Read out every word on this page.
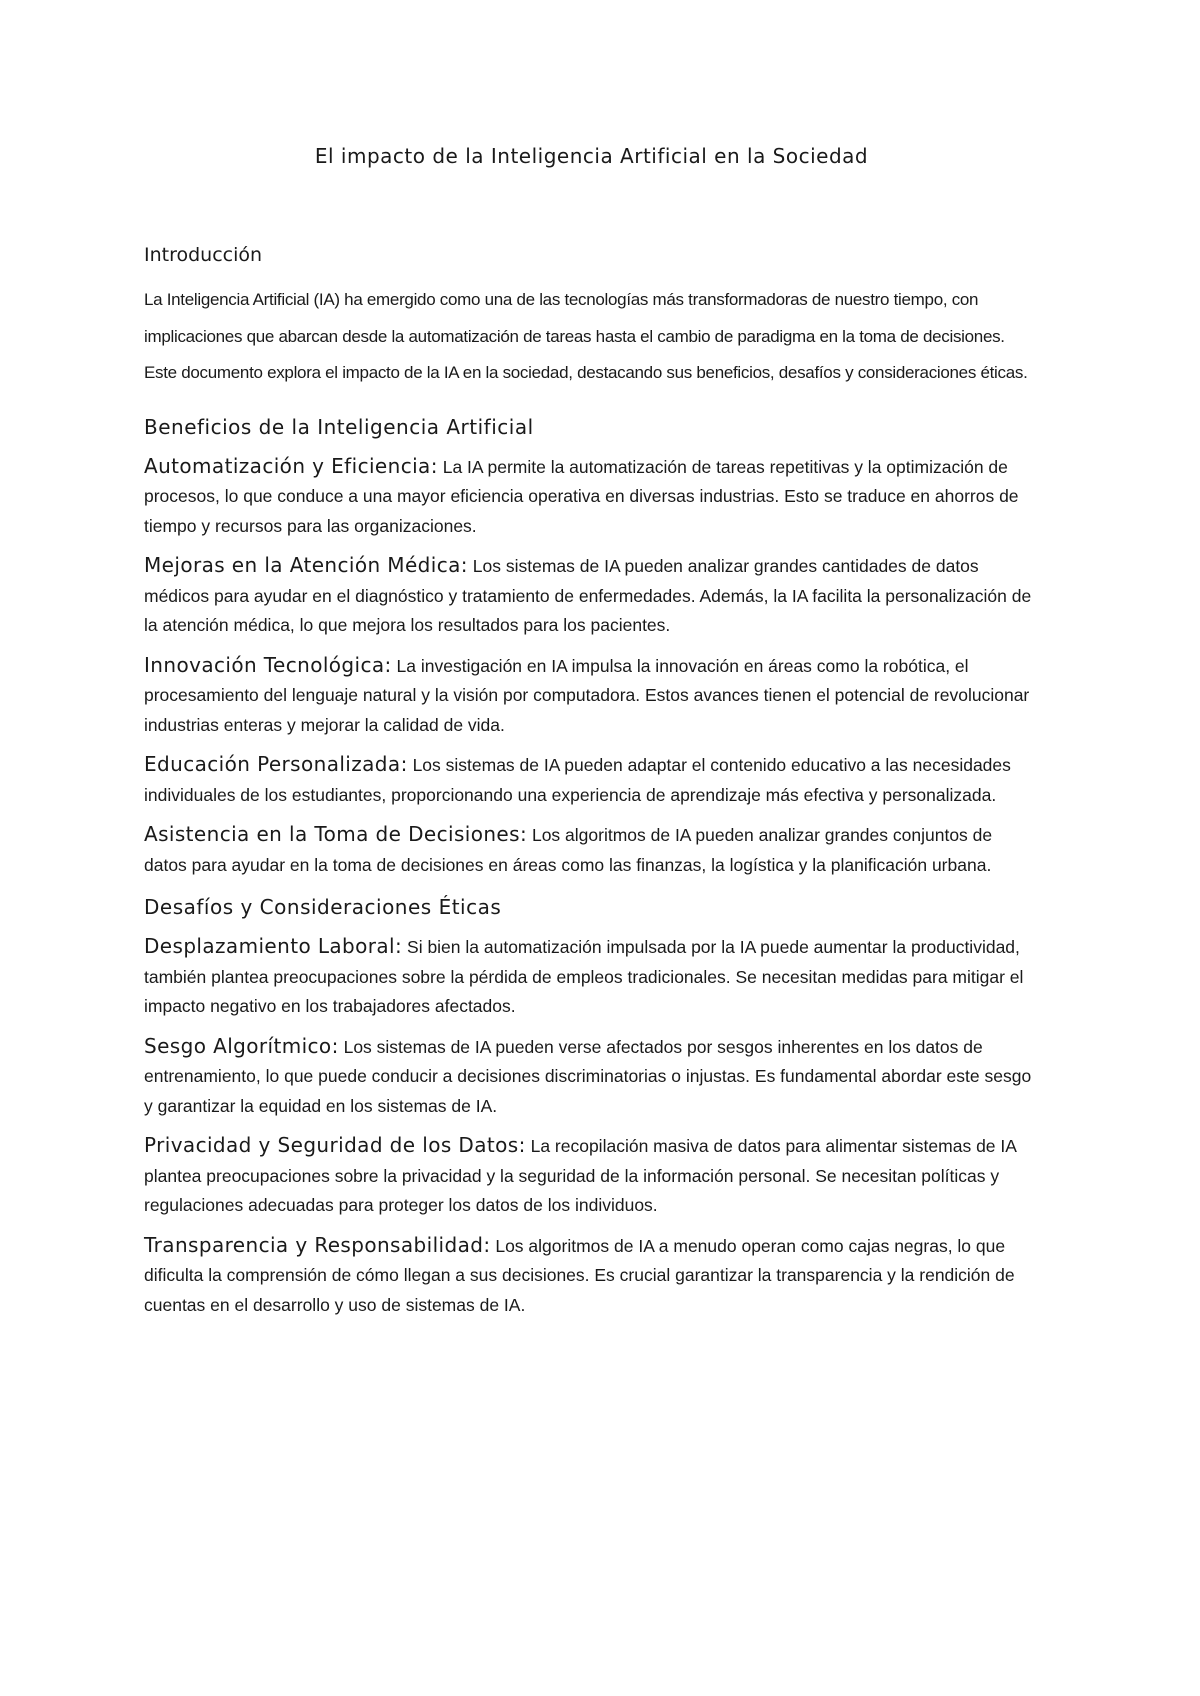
El impacto de la Inteligencia Artificial en la Sociedad
Introducción

La Inteligencia Artificial (IA) ha emergido como una de las tecnologías más transformadoras de nuestro tiempo, con implicaciones que abarcan desde la automatización de tareas hasta el cambio de paradigma en la toma de decisiones. Este documento explora el impacto de la IA en la sociedad, destacando sus beneficios, desafíos y consideraciones éticas.

Beneficios de la Inteligencia Artificial

Automatización y Eficiencia: La IA permite la automatización de tareas repetitivas y la optimización de procesos, lo que conduce a una mayor eficiencia operativa en diversas industrias. Esto se traduce en ahorros de tiempo y recursos para las organizaciones.

Mejoras en la Atención Médica: Los sistemas de IA pueden analizar grandes cantidades de datos médicos para ayudar en el diagnóstico y tratamiento de enfermedades. Además, la IA facilita la personalización de la atención médica, lo que mejora los resultados para los pacientes.

Innovación Tecnológica: La investigación en IA impulsa la innovación en áreas como la robótica, el procesamiento del lenguaje natural y la visión por computadora. Estos avances tienen el potencial de revolucionar industrias enteras y mejorar la calidad de vida.

Educación Personalizada: Los sistemas de IA pueden adaptar el contenido educativo a las necesidades individuales de los estudiantes, proporcionando una experiencia de aprendizaje más efectiva y personalizada.

Asistencia en la Toma de Decisiones: Los algoritmos de IA pueden analizar grandes conjuntos de datos para ayudar en la toma de decisiones en áreas como las finanzas, la logística y la planificación urbana.

Desafíos y Consideraciones Éticas

Desplazamiento Laboral: Si bien la automatización impulsada por la IA puede aumentar la productividad, también plantea preocupaciones sobre la pérdida de empleos tradicionales. Se necesitan medidas para mitigar el impacto negativo en los trabajadores afectados.

Sesgo Algorítmico: Los sistemas de IA pueden verse afectados por sesgos inherentes en los datos de entrenamiento, lo que puede conducir a decisiones discriminatorias o injustas. Es fundamental abordar este sesgo y garantizar la equidad en los sistemas de IA.

Privacidad y Seguridad de los Datos: La recopilación masiva de datos para alimentar sistemas de IA plantea preocupaciones sobre la privacidad y la seguridad de la información personal. Se necesitan políticas y regulaciones adecuadas para proteger los datos de los individuos.

Transparencia y Responsabilidad: Los algoritmos de IA a menudo operan como cajas negras, lo que dificulta la comprensión de cómo llegan a sus decisiones. Es crucial garantizar la transparencia y la rendición de cuentas en el desarrollo y uso de sistemas de IA.
